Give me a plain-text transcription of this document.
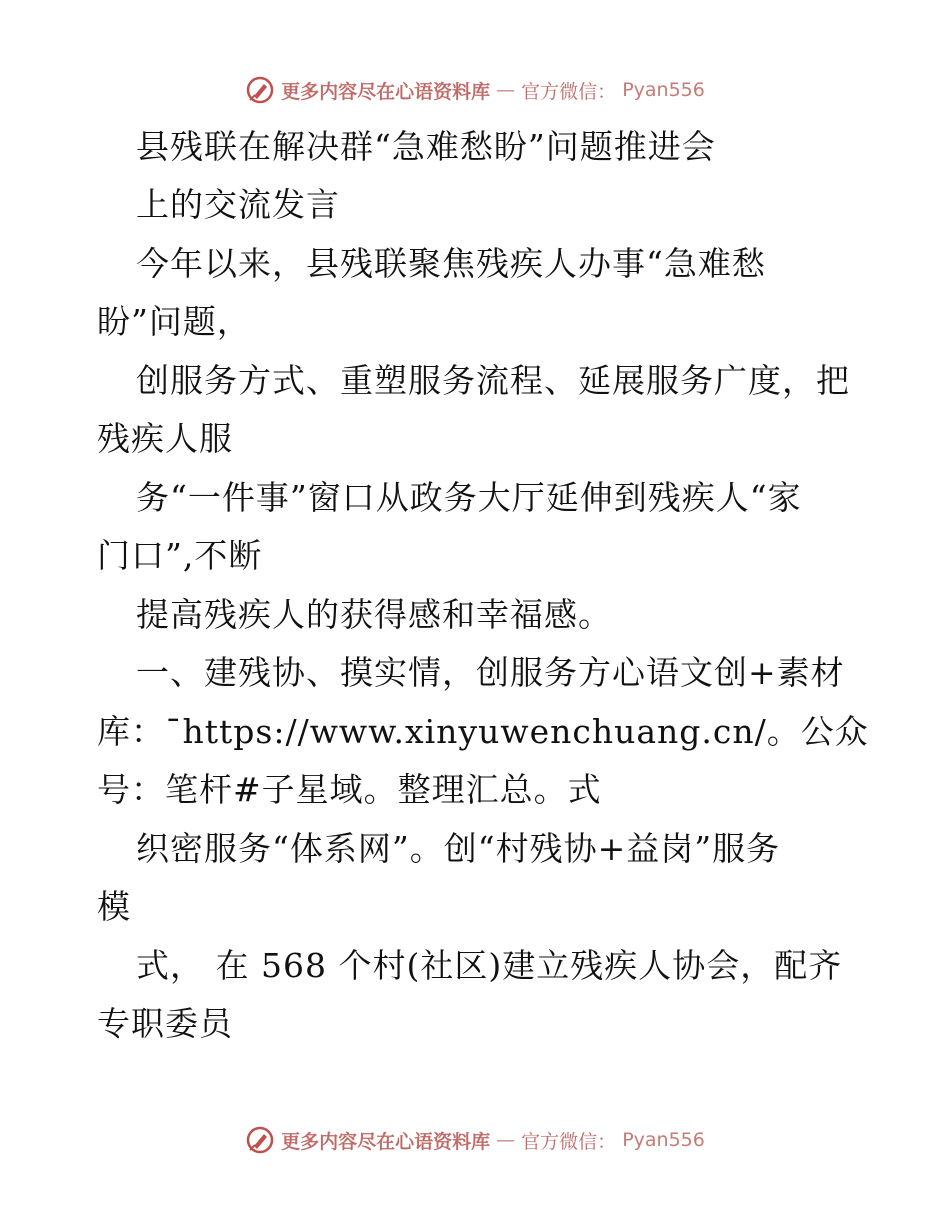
更多内容尽在心语资料库 — 官方微信： Pyan556
县残联在解决群“急难愁盼”问题推进会
上的交流发言
今年以来，县残联聚焦残疾人办事“急难愁
盼”问题，
创服务方式、重塑服务流程、延展服务广度，把
残疾人服
务“一件事”窗口从政务大厅延伸到残疾人“家
门口”,不断
提高残疾人的获得感和幸福感。
一、建残协、摸实情，创服务方心语文创+素材
库：¯https://www.xinyuwenchuang.cn/。公众
号：笔杆#子星域。整理汇总。式
织密服务“体系网”。创“村残协+益岗”服务
模
式， 在 568 个村(社区)建立残疾人协会，配齐
专职委员
更多内容尽在心语资料库 — 官方微信： Pyan556
